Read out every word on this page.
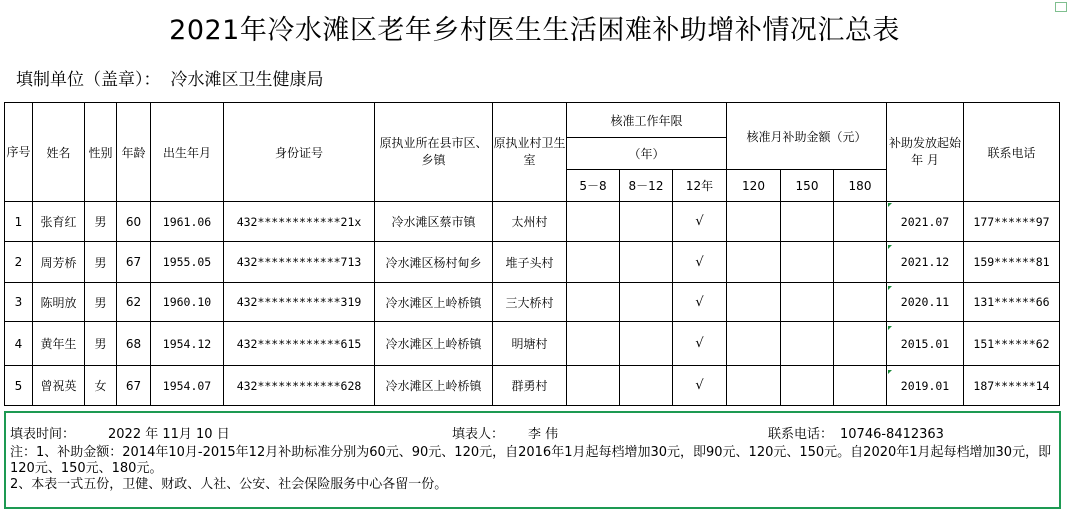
2021年冷水滩区老年乡村医生生活困难补助增补情况汇总表
填制单位（盖章）： 冷水滩区卫生健康局
序号	姓名	性别	年龄	出生年月	身份证号	原执业所在县市区、乡镇	原执业村卫生室	核准工作年限			核准月补助金额（元）			补助发放起始年 月	联系电话
								（年）							
								5－8	8－12	12年	120	150	180		
1	张育红	男	60	1961.06	432************21x	冷水滩区蔡市镇	太州村			√				2021.07	177******97
2	周芳桥	男	67	1955.05	432************713	冷水滩区杨村甸乡	堆子头村			√				2021.12	159******81
3	陈明放	男	62	1960.10	432************319	冷水滩区上岭桥镇	三大桥村			√				2020.11	131******66
4	黄年生	男	68	1954.12	432************615	冷水滩区上岭桥镇	明塘村			√				2015.01	151******62
5	曾祝英	女	67	1954.07	432************628	冷水滩区上岭桥镇	群勇村			√				2019.01	187******14
填表时间：	2022 年 11月 10 日	填表人： 李 伟	联系电话： 10746-8412363
注：1、补助金额：2014年10月-2015年12月补助标准分别为60元、90元、120元，自2016年1月起每档增加30元，即90元、120元、150元。自2020年1月起每档增加30元，即120元、150元、180元。
2、本表一式五份，卫健、财政、人社、公安、社会保险服务中心各留一份。
